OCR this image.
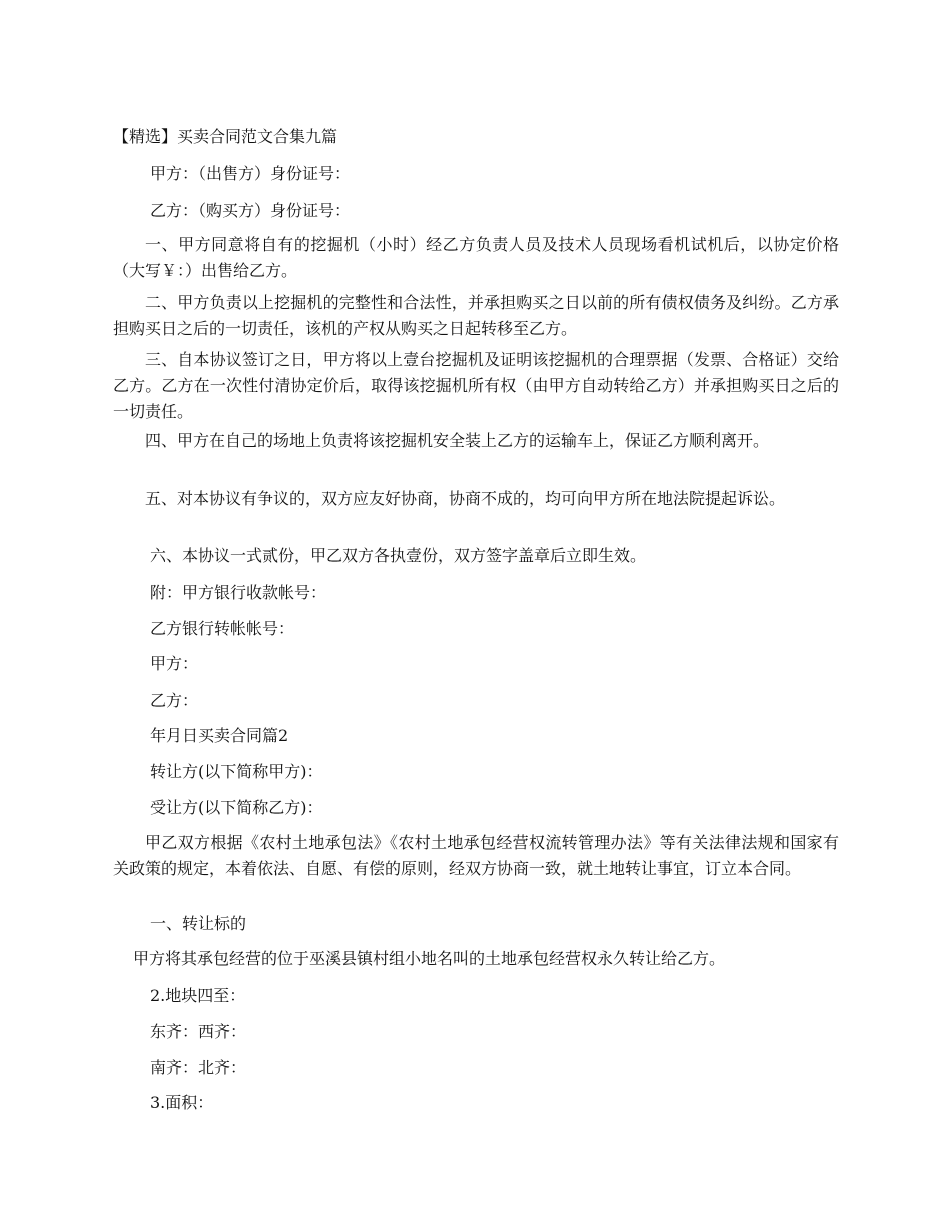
【精选】买卖合同范文合集九篇

甲方：（出售方）身份证号：

乙方：（购买方）身份证号：

一、甲方同意将自有的挖掘机（小时）经乙方负责人员及技术人员现场看机试机后，以协定价格（大写￥：）出售给乙方。

二、甲方负责以上挖掘机的完整性和合法性，并承担购买之日以前的所有债权债务及纠纷。乙方承担购买日之后的一切责任，该机的产权从购买之日起转移至乙方。

三、自本协议签订之日，甲方将以上壹台挖掘机及证明该挖掘机的合理票据（发票、合格证）交给乙方。乙方在一次性付清协定价后，取得该挖掘机所有权（由甲方自动转给乙方）并承担购买日之后的一切责任。

四、甲方在自己的场地上负责将该挖掘机安全装上乙方的运输车上，保证乙方顺利离开。

五、对本协议有争议的，双方应友好协商，协商不成的，均可向甲方所在地法院提起诉讼。

六、本协议一式贰份，甲乙双方各执壹份，双方签字盖章后立即生效。

附：甲方银行收款帐号：

乙方银行转帐帐号：

甲方：

乙方：

年月日买卖合同篇2

转让方(以下简称甲方)：

受让方(以下简称乙方)：

甲乙双方根据《农村土地承包法》《农村土地承包经营权流转管理办法》等有关法律法规和国家有关政策的规定，本着依法、自愿、有偿的原则，经双方协商一致，就土地转让事宜，订立本合同。

一、转让标的

甲方将其承包经营的位于巫溪县镇村组小地名叫的土地承包经营权永久转让给乙方。

2.地块四至：

东齐：西齐：

南齐：北齐：

3.面积：
